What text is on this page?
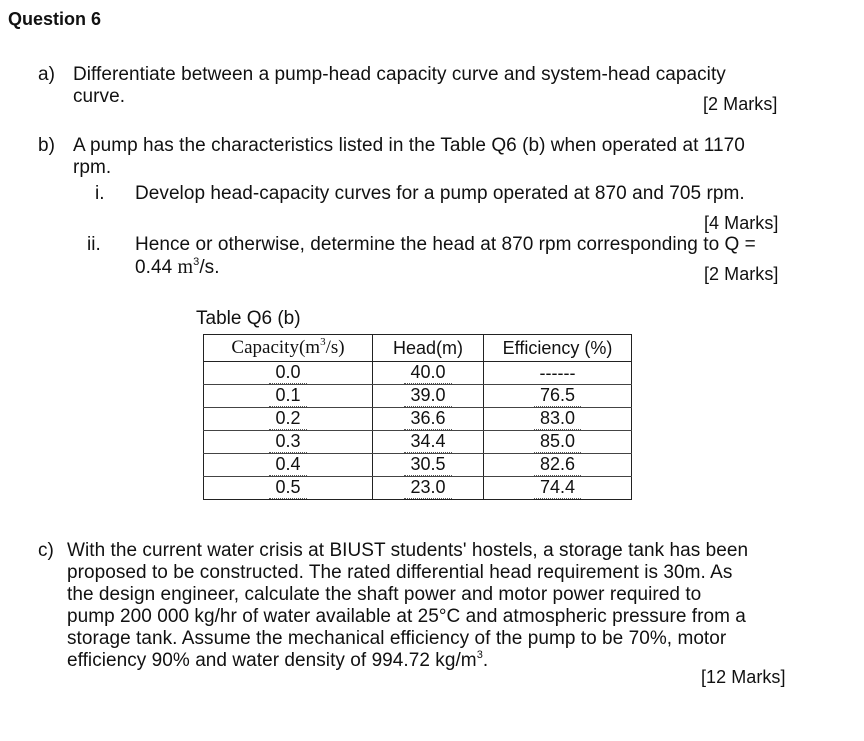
Question 6
a) Differentiate between a pump-head capacity curve and system-head capacity
curve.	[2 Marks]
b) A pump has the characteristics listed in the Table Q6 (b) when operated at 1170
rpm.
i. Develop head-capacity curves for a pump operated at 870 and 705 rpm.
[4 Marks]
ii. Hence or otherwise, determine the head at 870 rpm corresponding to Q =
0.44 $m^3/s$.	[2 Marks]
Table Q6 (b)
$Capacity(m^3/s)$	Head(m)	Efficiency (%)
0.0	40.0	------
0.1	39.0	76.5
0.2	36.6	83.0
0.3	34.4	85.0
0.4	30.5	82.6
0.5	23.0	74.4
c) With the current water crisis at BIUST students' hostels, a storage tank has been
proposed to be constructed. The rated differential head requirement is 30m. As
the design engineer, calculate the shaft power and motor power required to
pump 200 000 kg/hr of water available at 25°C and atmospheric pressure from a
storage tank. Assume the mechanical efficiency of the pump to be 70%, motor
efficiency 90% and water density of 994.72 $kg/m^3$.
[12 Marks]
